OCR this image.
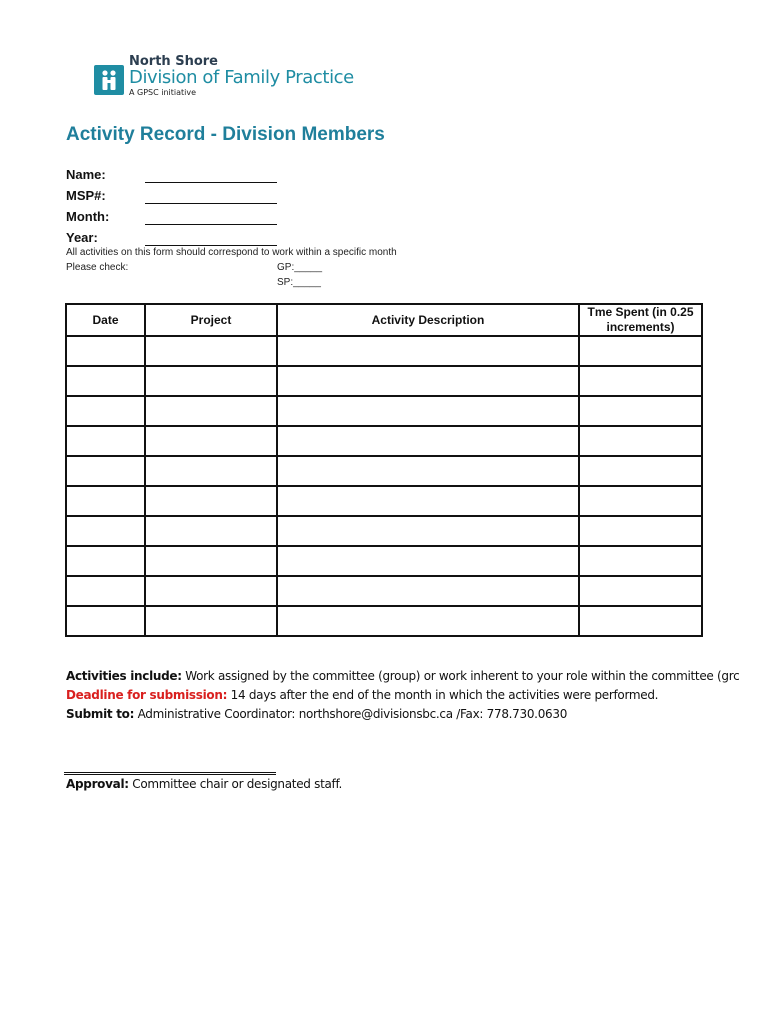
North Shore
Division of Family Practice
A GPSC initiative
Activity Record - Division Members
Name:
MSP#:
Month:
Year:
All activities on this form should correspond to work within a specific month
Please check:	GP:_____
SP:_____
Date	Project	Activity Description	Tme Spent (in 0.25 increments)

Activities include: Work assigned by the committee (group) or work inherent to your role within the committee (grc
Deadline for submission: 14 days after the end of the month in which the activities were performed.
Submit to: Administrative Coordinator: northshore@divisionsbc.ca /Fax: 778.730.0630
Approval: Committee chair or designated staff.
